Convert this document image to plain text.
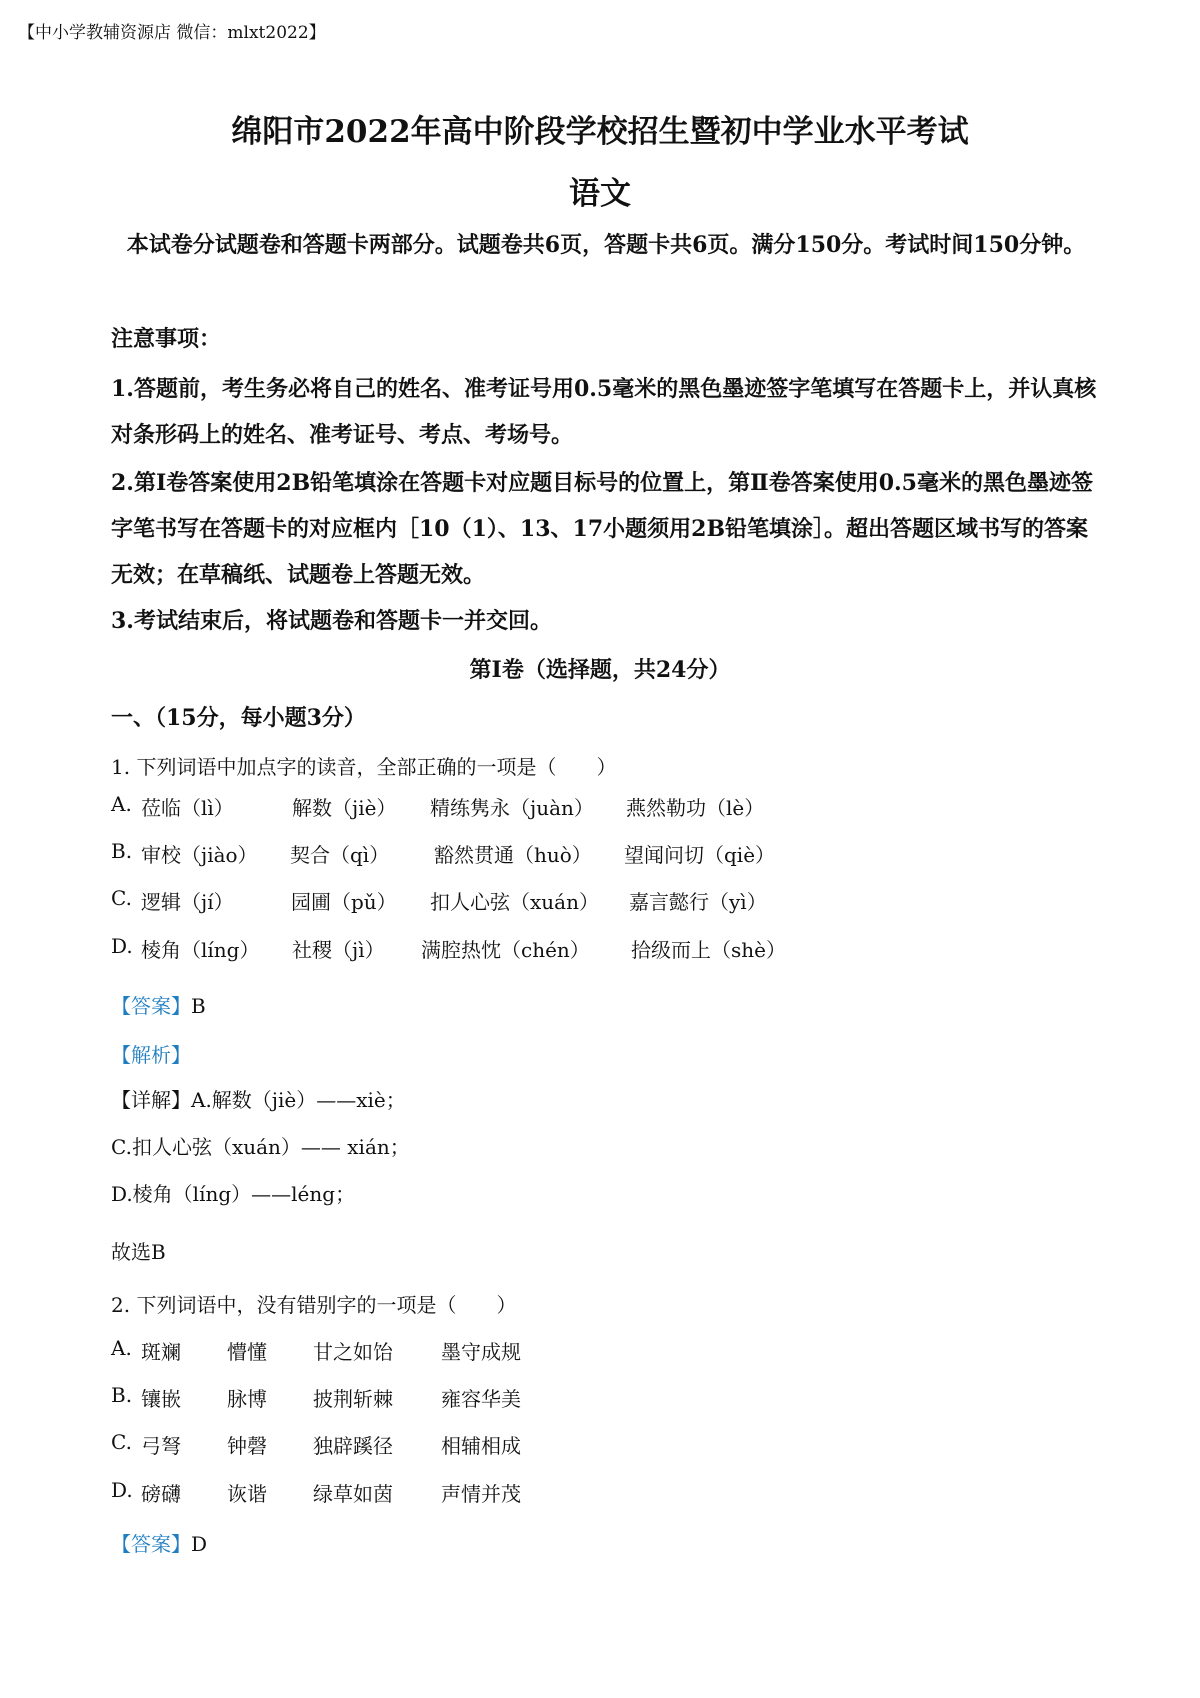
【中小学教辅资源店 微信：mlxt2022】
绵阳市2022年高中阶段学校招生暨初中学业水平考试
语文
本试卷分试题卷和答题卡两部分。试题卷共6页，答题卡共6页。满分150分。考试时间150分钟。
注意事项：
1.答题前，考生务必将自己的姓名、准考证号用0.5毫米的黑色墨迹签字笔填写在答题卡上，并认真核对条形码上的姓名、准考证号、考点、考场号。
2.第Ⅰ卷答案使用2B铅笔填涂在答题卡对应题目标号的位置上，第Ⅱ卷答案使用0.5毫米的黑色墨迹签字笔书写在答题卡的对应框内［10（1）、13、17小题须用2B铅笔填涂］。超出答题区域书写的答案无效；在草稿纸、试题卷上答题无效。
3.考试结束后，将试题卷和答题卡一并交回。
第Ⅰ卷（选择题，共24分）
一、（15分，每小题3分）
1. 下列词语中加点字的读音，全部正确的一项是（　　）
A. 莅临（lì）	解数（jiè） 精练隽永（juàn） 燕然勒功（lè）
B. 审校（jiào） 契合（qì） 豁然贯通（huò） 望闻问切（qiè）
C. 逻辑（jí）	园圃（pǔ） 扣人心弦（xuán） 嘉言懿行（yì）
D. 棱角（líng） 社稷（jì） 满腔热忱（chén） 拾级而上（shè）
【答案】B
【解析】
【详解】A.解数（jiè）——xiè；
C.扣人心弦（xuán）—— xián；
D.棱角（líng）——léng；
故选B
2. 下列词语中，没有错别字的一项是（　　）
A. 斑斓 懵懂 甘之如饴 墨守成规
B. 镶嵌 脉博 披荆斩棘 雍容华美
C. 弓弩 钟磬 独辟蹊径 相辅相成
D. 磅礴 诙谐 绿草如茵 声情并茂
【答案】D
